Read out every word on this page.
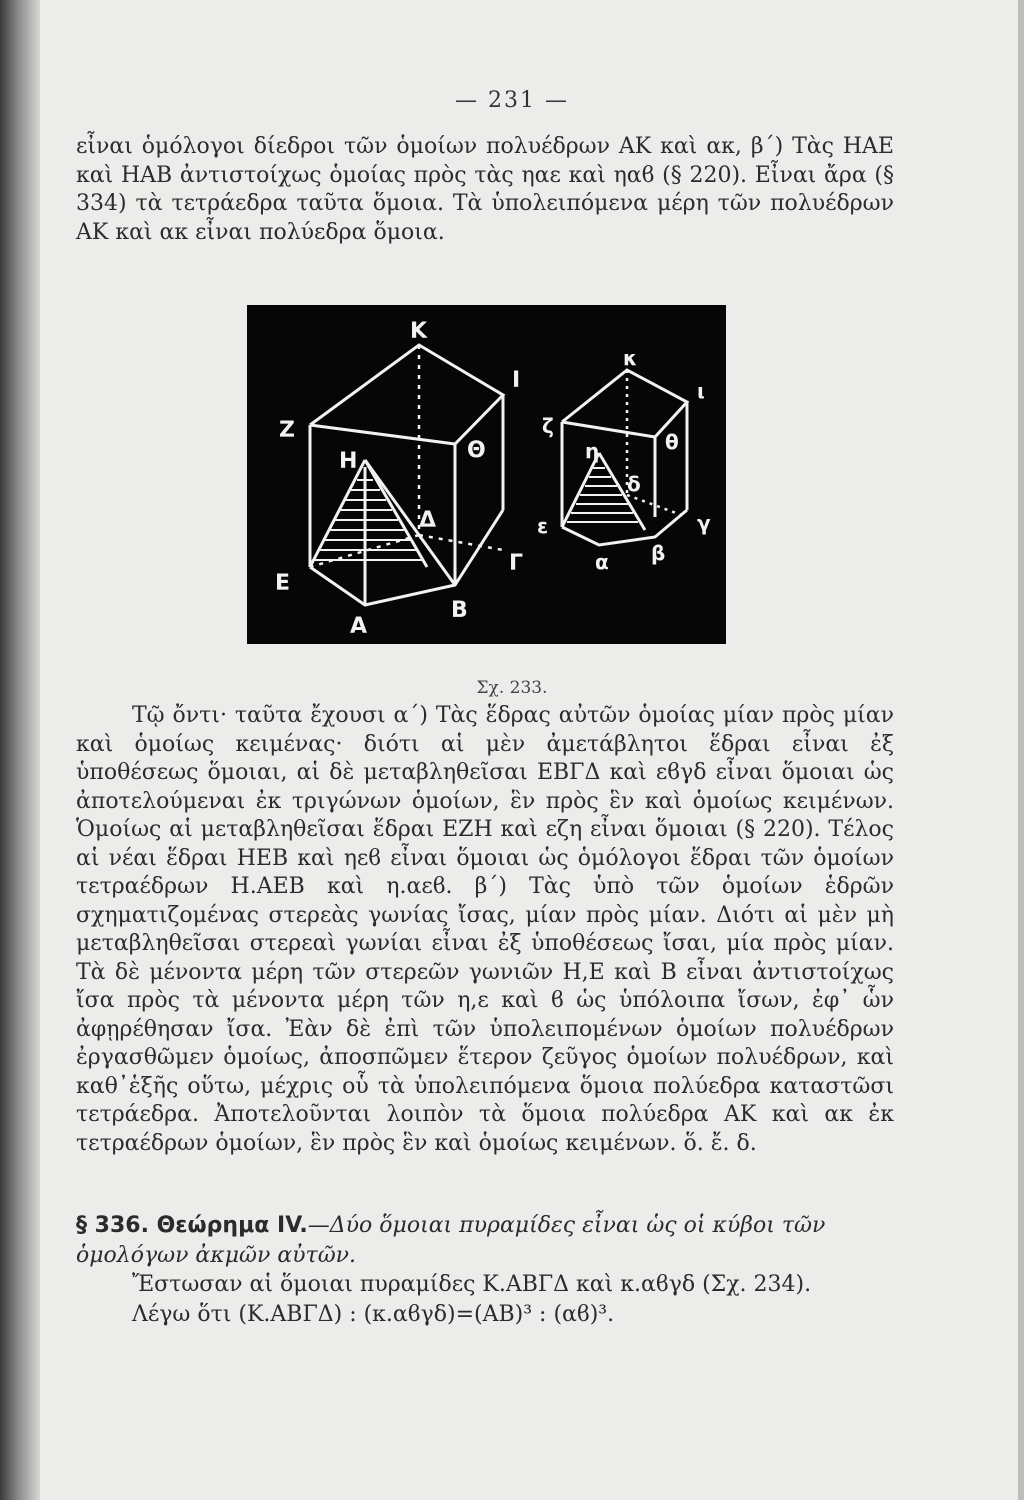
— 231 —

εἶναι ὁμόλογοι δίεδροι τῶν ὁμοίων πολυέδρων ΑΚ καὶ ακ, β΄) Τὰς ΗΑΕ καὶ ΗΑΒ ἀντιστοίχως ὁμοίας πρὸς τὰς ηαε καὶ ηαϐ (§ 220). Εἶναι ἄρα (§ 334) τὰ τετράεδρα ταῦτα ὅμοια. Τὰ ὑπολειπόμενα μέρη τῶν πολυέδρων ΑΚ καὶ ακ εἶναι πολύεδρα ὅμοια.

Κ
Ι
Ζ
Η	Θ
Δ
Ε
Γ
Β
Α
κ
ι
ζ
η	θ
δ
ε	γ
β
α
Σχ. 233.

Τῷ ὄντι· ταῦτα ἔχουσι α΄) Τὰς ἕδρας αὐτῶν ὁμοίας μίαν πρὸς μίαν καὶ ὁμοίως κειμένας· διότι αἱ μὲν ἀμετάβλητοι ἕδραι εἶναι ἐξ ὑποθέσεως ὅμοιαι, αἱ δὲ μεταβληθεῖσαι ΕΒΓΔ καὶ εϐγδ εἶναι ὅμοιαι ὡς ἀποτελούμεναι ἐκ τριγώνων ὁμοίων, ἓν πρὸς ἓν καὶ ὁμοίως κειμένων. Ὁμοίως αἱ μεταβληθεῖσαι ἕδραι ΕΖΗ καὶ εζη εἶναι ὅμοιαι (§ 220). Τέλος αἱ νέαι ἕδραι ΗΕΒ καὶ ηεϐ εἶναι ὅμοιαι ὡς ὁμόλογοι ἕδραι τῶν ὁμοίων τετραέδρων Η.ΑΕΒ καὶ η.αεϐ. β΄) Τὰς ὑπὸ τῶν ὁμοίων ἑδρῶν σχηματιζομένας στερεὰς γωνίας ἴσας, μίαν πρὸς μίαν. Διότι αἱ μὲν μὴ μεταβληθεῖσαι στερεαὶ γωνίαι εἶναι ἐξ ὑποθέσεως ἴσαι, μία πρὸς μίαν. Τὰ δὲ μένοντα μέρη τῶν στερεῶν γωνιῶν Η,Ε καὶ Β εἶναι ἀντιστοίχως ἴσα πρὸς τὰ μένοντα μέρη τῶν η,ε καὶ ϐ ὡς ὑπόλοιπα ἴσων, ἐφ᾽ ὧν ἀφῃρέθησαν ἴσα. Ἐὰν δὲ ἐπὶ τῶν ὑπολειπομένων ὁμοίων πολυέδρων ἐργασθῶμεν ὁμοίως, ἀποσπῶμεν ἕτερον ζεῦγος ὁμοίων πολυέδρων, καὶ καθ᾽ἑξῆς οὕτω, μέχρις οὗ τὰ ὑπολειπόμενα ὅμοια πολύεδρα καταστῶσι τετράεδρα. Ἀποτελοῦνται λοιπὸν τὰ ὅμοια πολύεδρα ΑΚ καὶ ακ ἐκ τετραέδρων ὁμοίων, ἓν πρὸς ἓν καὶ ὁμοίως κειμένων. ὅ. ἔ. δ.

§ 336. Θεώρημα IV.—Δύο ὅμοιαι πυραμίδες εἶναι ὡς οἱ κύβοι τῶν ὁμολόγων ἀκμῶν αὐτῶν.

Ἔστωσαν αἱ ὅμοιαι πυραμίδες Κ.ΑΒΓΔ καὶ κ.αϐγδ (Σχ. 234).

Λέγω ὅτι (Κ.ΑΒΓΔ) : (κ.αϐγδ)=(ΑΒ)³ : (αϐ)³.
